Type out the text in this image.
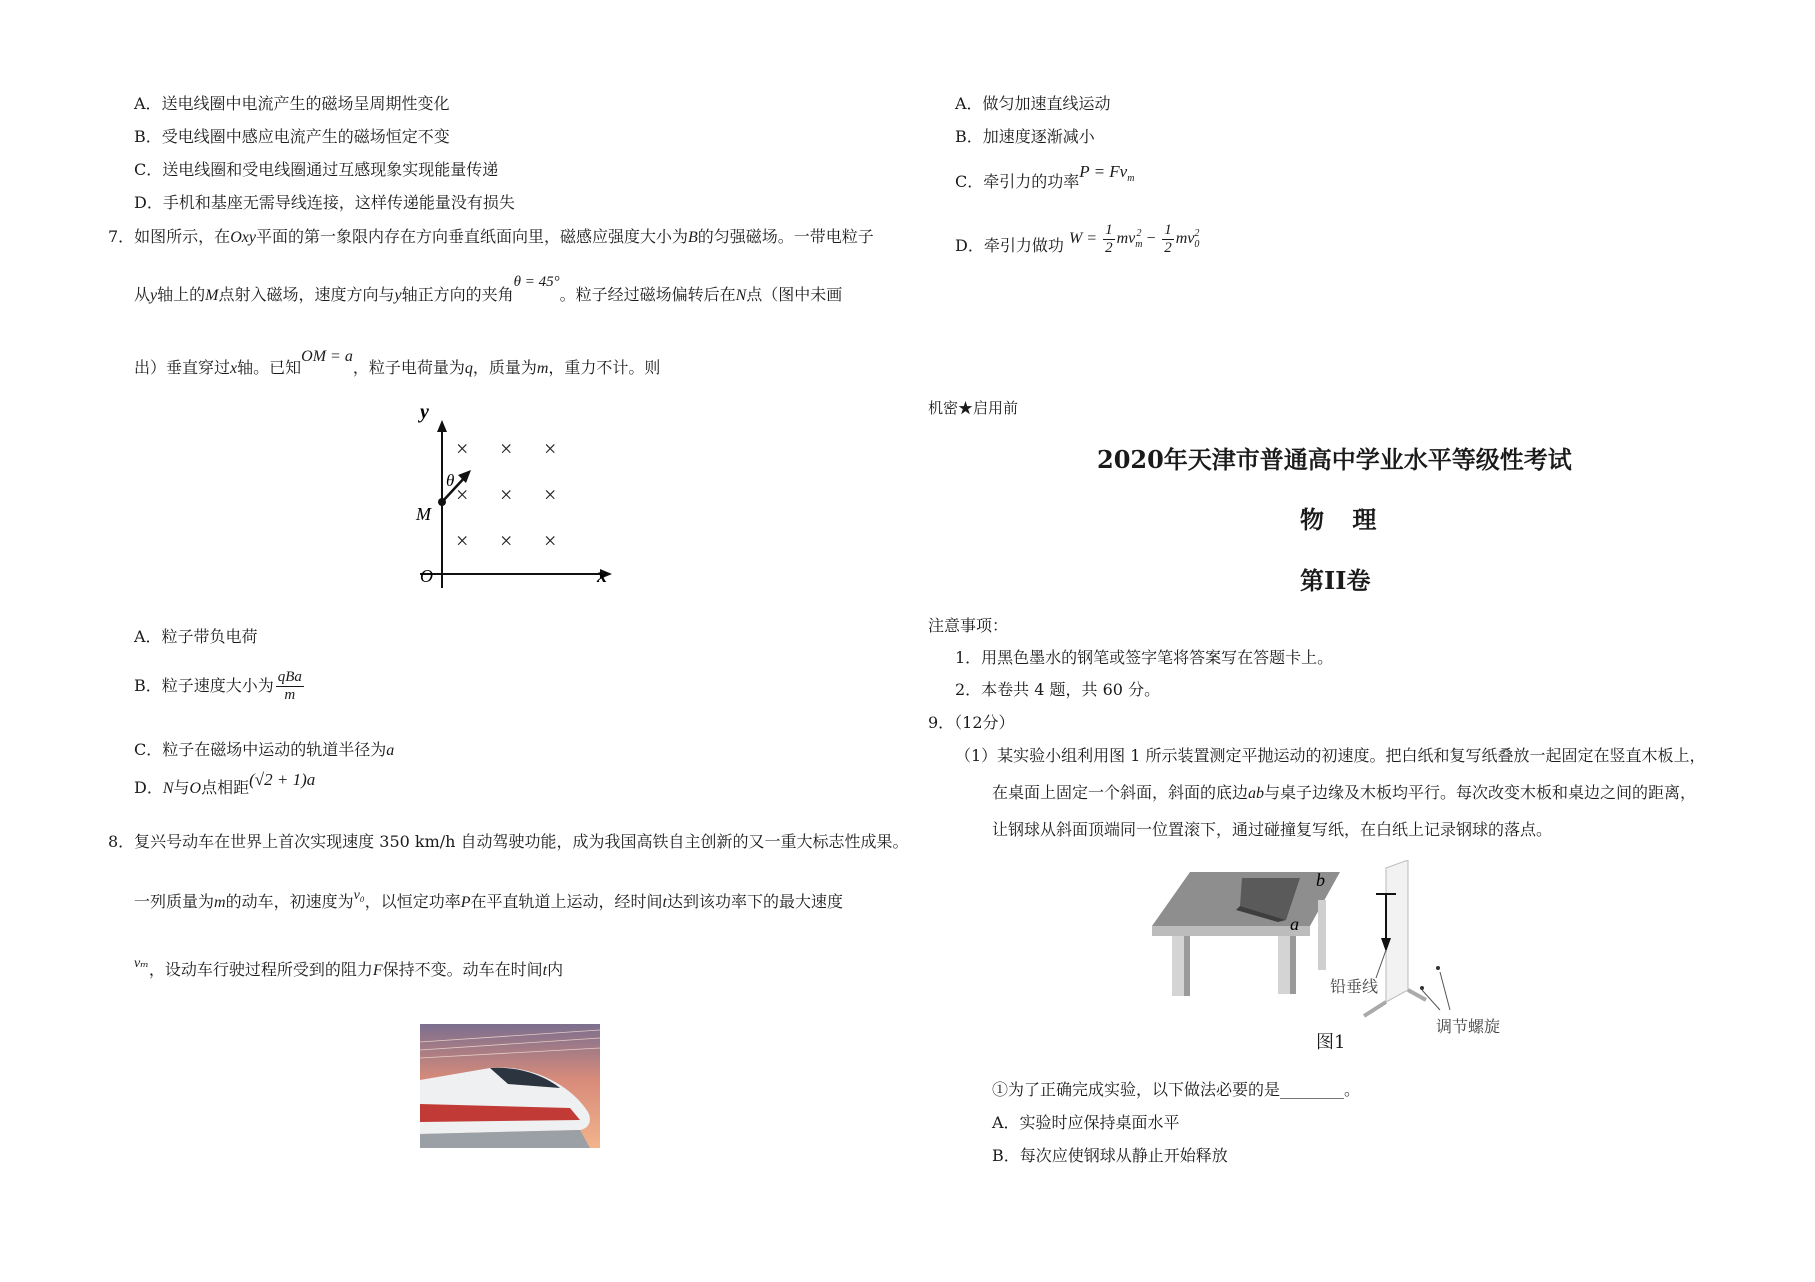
A．送电线圈中电流产生的磁场呈周期性变化
B．受电线圈中感应电流产生的磁场恒定不变
C．送电线圈和受电线圈通过互感现象实现能量传递
D．手机和基座无需导线连接，这样传递能量没有损失
7．如图所示，在Oxy平面的第一象限内存在方向垂直纸面向里，磁感应强度大小为B的匀强磁场。一带电粒子
从y轴上的M点射入磁场，速度方向与y轴正方向的夹角θ = 45°。粒子经过磁场偏转后在N点（图中未画
出）垂直穿过x轴。已知OM = a，粒子电荷量为q，质量为m，重力不计。则
y
x
O
M
θ
× × ×
× × ×
× × ×
A．粒子带负电荷
B．粒子速度大小为 $\frac{\text{qBa}}{m}$
C．粒子在磁场中运动的轨道半径为a
D．N与O点相距(√2 + 1)a
8．复兴号动车在世界上首次实现速度 350 km/h 自动驾驶功能，成为我国高铁自主创新的又一重大标志性成果。
一列质量为m的动车，初速度为v₀，以恒定功率P在平直轨道上运动，经时间t达到该功率下的最大速度
vₘ，设动车行驶过程所受到的阻力F保持不变。动车在时间t内
A．做匀加速直线运动
B．加速度逐渐减小
C．牵引力的功率$P = Fv_m$
D．牵引力做功 $W = \frac{1}{2} mv_m^2 - \frac{1}{2} mv_0^2$
机密★启用前
2020年天津市普通高中学业水平等级性考试
物 理
第II卷
注意事项：
1．用黑色墨水的钢笔或签字笔将答案写在答题卡上。
2．本卷共 4 题，共 60 分。
9．（12分）
（1）某实验小组利用图 1 所示装置测定平抛运动的初速度。把白纸和复写纸叠放一起固定在竖直木板上，
在桌面上固定一个斜面，斜面的底边ab与桌子边缘及木板均平行。每次改变木板和桌边之间的距离，
让钢球从斜面顶端同一位置滚下，通过碰撞复写纸，在白纸上记录钢球的落点。
b
a
铅垂线
调节螺旋
图1
①为了正确完成实验，以下做法必要的是________。
A．实验时应保持桌面水平
B．每次应使钢球从静止开始释放
